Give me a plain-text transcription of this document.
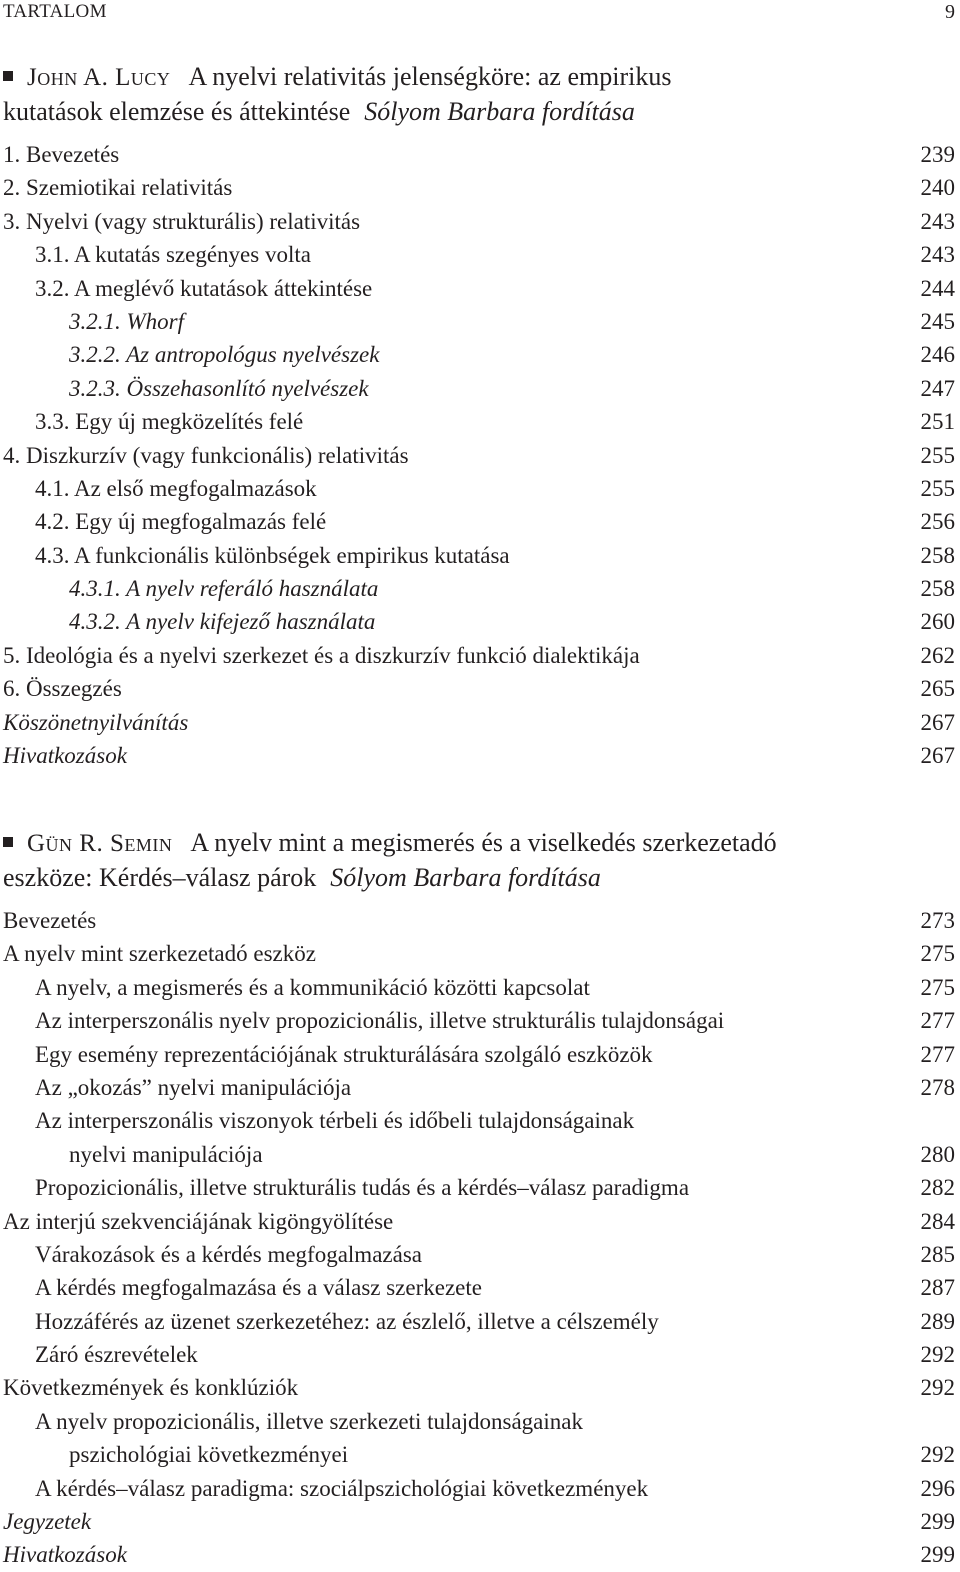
TARTALOM	9

John A. Lucy A nyelvi relativitás jelenségköre: az empirikus
kutatások elemzése és áttekintése Sólyom Barbara fordítása

1. Bevezetés	239
2. Szemiotikai relativitás	240
3. Nyelvi (vagy strukturális) relativitás	243
3.1. A kutatás szegényes volta	243
3.2. A meglévő kutatások áttekintése	244
3.2.1. Whorf	245
3.2.2. Az antropológus nyelvészek	246
3.2.3. Összehasonlító nyelvészek	247
3.3. Egy új megközelítés felé	251
4. Diszkurzív (vagy funkcionális) relativitás	255
4.1. Az első megfogalmazások	255
4.2. Egy új megfogalmazás felé	256
4.3. A funkcionális különbségek empirikus kutatása	258
4.3.1. A nyelv referáló használata	258
4.3.2. A nyelv kifejező használata	260
5. Ideológia és a nyelvi szerkezet és a diszkurzív funkció dialektikája	262
6. Összegzés	265
Köszönetnyilvánítás	267
Hivatkozások	267

Gün R. Semin A nyelv mint a megismerés és a viselkedés szerkezetadó
eszköze: Kérdés–válasz párok Sólyom Barbara fordítása

Bevezetés	273
A nyelv mint szerkezetadó eszköz	275
A nyelv, a megismerés és a kommunikáció közötti kapcsolat	275
Az interperszonális nyelv propozicionális, illetve strukturális tulajdonságai	277
Egy esemény reprezentációjának strukturálására szolgáló eszközök	277
Az „okozás” nyelvi manipulációja	278
Az interperszonális viszonyok térbeli és időbeli tulajdonságainak
nyelvi manipulációja	280
Propozicionális, illetve strukturális tudás és a kérdés–válasz paradigma	282
Az interjú szekvenciájának kigöngyölítése	284
Várakozások és a kérdés megfogalmazása	285
A kérdés megfogalmazása és a válasz szerkezete	287
Hozzáférés az üzenet szerkezetéhez: az észlelő, illetve a célszemély	289
Záró észrevételek	292
Következmények és konklúziók	292
A nyelv propozicionális, illetve szerkezeti tulajdonságainak
pszichológiai következményei	292
A kérdés–válasz paradigma: szociálpszichológiai következmények	296
Jegyzetek	299
Hivatkozások	299
